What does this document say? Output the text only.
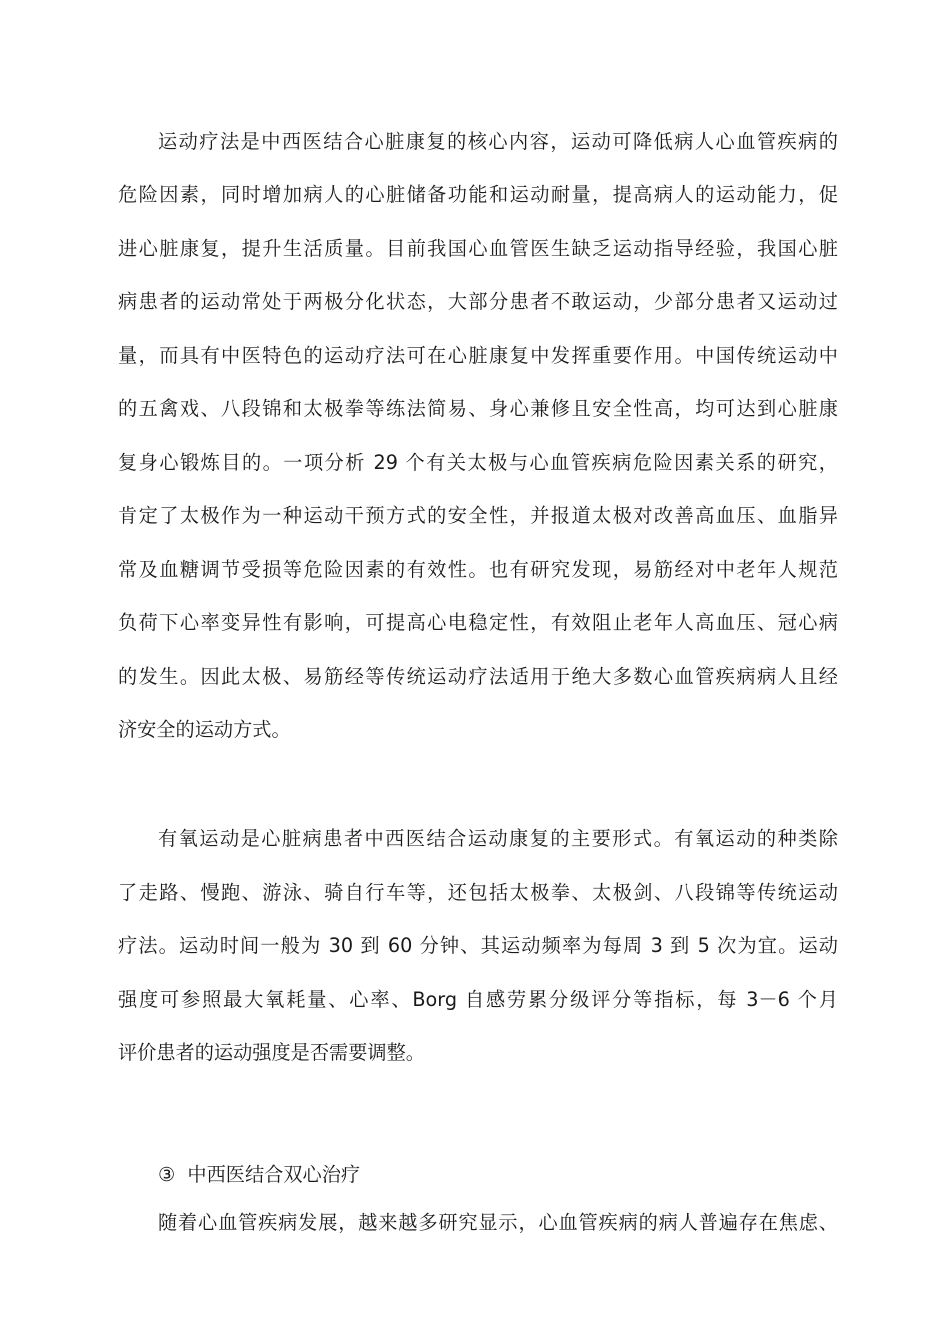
运动疗法是中西医结合心脏康复的核心内容，运动可降低病人心血管疾病的
危险因素，同时增加病人的心脏储备功能和运动耐量，提高病人的运动能力，促
进心脏康复，提升生活质量。目前我国心血管医生缺乏运动指导经验，我国心脏
病患者的运动常处于两极分化状态，大部分患者不敢运动，少部分患者又运动过
量，而具有中医特色的运动疗法可在心脏康复中发挥重要作用。中国传统运动中
的五禽戏、八段锦和太极拳等练法简易、身心兼修且安全性高，均可达到心脏康
复身心锻炼目的。一项分析 29 个有关太极与心血管疾病危险因素关系的研究，
肯定了太极作为一种运动干预方式的安全性，并报道太极对改善高血压、血脂异
常及血糖调节受损等危险因素的有效性。也有研究发现，易筋经对中老年人规范
负荷下心率变异性有影响，可提高心电稳定性，有效阻止老年人高血压、冠心病
的发生。因此太极、易筋经等传统运动疗法适用于绝大多数心血管疾病病人且经
济安全的运动方式。
有氧运动是心脏病患者中西医结合运动康复的主要形式。有氧运动的种类除
了走路、慢跑、游泳、骑自行车等，还包括太极拳、太极剑、八段锦等传统运动
疗法。运动时间一般为 30 到 60 分钟、其运动频率为每周 3 到 5 次为宜。运动
强度可参照最大氧耗量、心率、Borg 自感劳累分级评分等指标，每 3－6 个月
评价患者的运动强度是否需要调整。
③  中西医结合双心治疗
随着心血管疾病发展，越来越多研究显示，心血管疾病的病人普遍存在焦虑、
